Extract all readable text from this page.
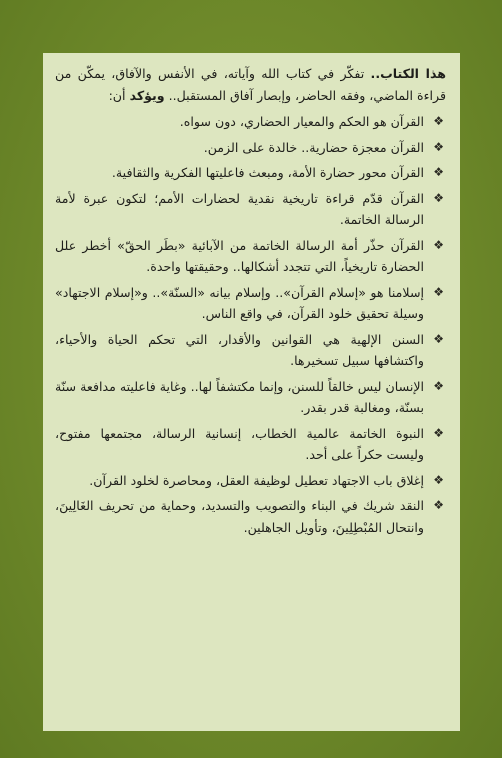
هذا الكتاب.. تفكّر في كتاب الله وآياته، في الأنفس والآفاق، يمكّن من قراءة الماضي، وفقه الحاضر، وإبصار آفاق المستقبل.. ويؤكد أن:

❖
القرآن هو الحكم والمعيار الحضاري، دون سواه.
❖
القرآن معجزة حضارية.. خالدة على الزمن.
❖
القرآن محور حضارة الأمة، ومبعث فاعليتها الفكرية والثقافية.
❖
القرآن قدّم قراءة تاريخية نقدية لحضارات الأمم؛ لتكون عبرة لأمة الرسالة الخاتمة.
❖
القرآن حذّر أمة الرسالة الخاتمة من الآبائية «بطَر الحقّ» أخطر علل الحضارة تاريخياً، التي تتجدد أشكالها.. وحقيقتها واحدة.
❖
إسلامنا هو «إسلام القرآن».. وإسلام بيانه «السنّة».. و«إسلام الاجتهاد» وسيلة تحقيق خلود القرآن، في واقع الناس.
❖
السنن الإلهية هي القوانين والأقدار، التي تحكم الحياة والأحياء، واكتشافها سبيل تسخيرها.
❖
الإنسان ليس خالقاً للسنن، وإنما مكتشفاً لها.. وغاية فاعليته مدافعة سنّة بسنّة، ومغالبة قدر بقدر.
❖
النبوة الخاتمة عالمية الخطاب، إنسانية الرسالة، مجتمعها مفتوح، وليست حكراً على أحد.
❖
إغلاق باب الاجتهاد تعطيل لوظيفة العقل، ومحاصرة لخلود القرآن.
❖
النقد شريك في البناء والتصويب والتسديد، وحماية من تحريف الغَالِينَ، وانتحال المُبْطِلِينَ، وتأويل الجاهلين.
